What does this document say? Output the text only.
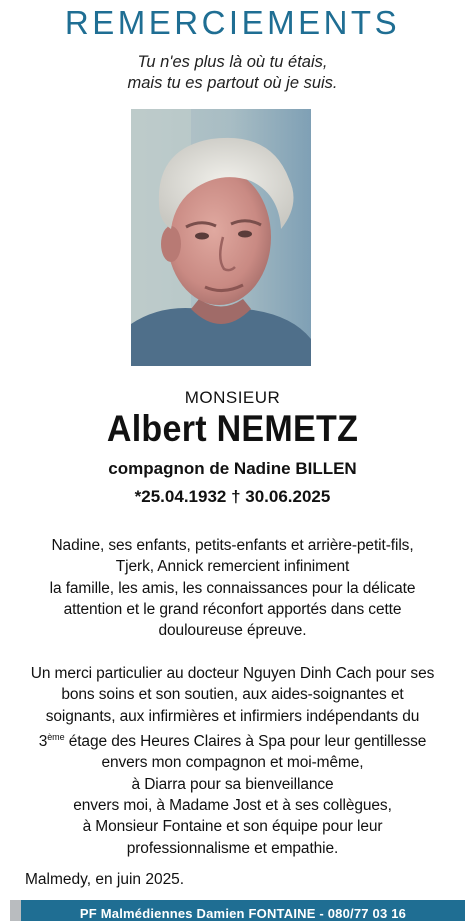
REMERCIEMENTS
Tu n'es plus là où tu étais,
mais tu es partout où je suis.
MONSIEUR
Albert NEMETZ
compagnon de Nadine BILLEN
*25.04.1932 † 30.06.2025
Nadine, ses enfants, petits-enfants et arrière-petit-fils,
Tjerk, Annick remercient infiniment
la famille, les amis, les connaissances pour la délicate
attention et le grand réconfort apportés dans cette
douloureuse épreuve.
Un merci particulier au docteur Nguyen Dinh Cach pour ses
bons soins et son soutien, aux aides-soignantes et
soignants, aux infirmières et infirmiers indépendants du
3ème étage des Heures Claires à Spa pour leur gentillesse
envers mon compagnon et moi-même,
à Diarra pour sa bienveillance
envers moi, à Madame Jost et à ses collègues,
à Monsieur Fontaine et son équipe pour leur
professionnalisme et empathie.
Malmedy, en juin 2025.
PF Malmédiennes Damien FONTAINE - 080/77 03 16
